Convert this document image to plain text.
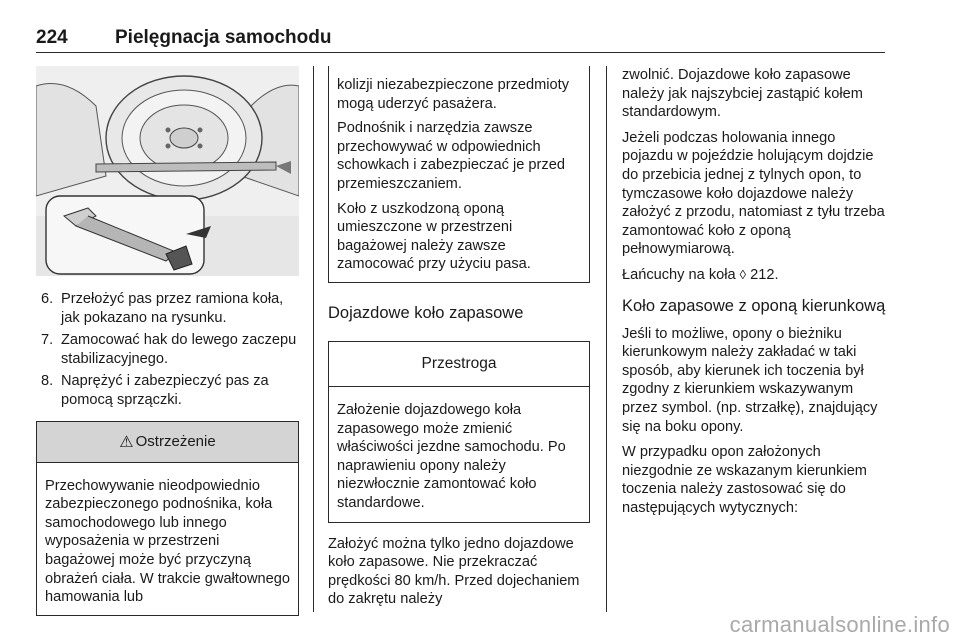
224 Pielęgnacja samochodu
6. Przełożyć pas przez ramiona koła, jak pokazano na rysunku.
7. Zamocować hak do lewego zaczepu stabilizacyjnego.
8. Naprężyć i zabezpieczyć pas za pomocą sprzączki.
⚠ Ostrzeżenie

Przechowywanie nieodpowiednio zabezpieczonego podnośnika, koła samochodowego lub innego wyposażenia w przestrzeni bagażowej może być przyczyną obrażeń ciała. W trakcie gwałtownego hamowania lub

kolizji niezabezpieczone przedmioty mogą uderzyć pasażera.

Podnośnik i narzędzia zawsze przechowywać w odpowiednich schowkach i zabezpieczać je przed przemieszczaniem.

Koło z uszkodzoną oponą umieszczone w przestrzeni bagażowej należy zawsze zamocować przy użyciu pasa.

Dojazdowe koło zapasowe
Przestroga

Założenie dojazdowego koła zapasowego może zmienić właściwości jezdne samochodu. Po naprawieniu opony należy niezwłocznie zamontować koło standardowe.

Założyć można tylko jedno dojazdowe koło zapasowe. Nie przekraczać prędkości 80 km/h. Przed dojechaniem do zakrętu należy

zwolnić. Dojazdowe koło zapasowe należy jak najszybciej zastąpić kołem standardowym.

Jeżeli podczas holowania innego pojazdu w pojeździe holującym dojdzie do przebicia jednej z tylnych opon, to tymczasowe koło dojazdowe należy założyć z przodu, natomiast z tyłu trzeba zamontować koło z oponą pełnowymiarową.

Łańcuchy na koła ◊ 212.

Koło zapasowe z oponą kierunkową

Jeśli to możliwe, opony o bieżniku kierunkowym należy zakładać w taki sposób, aby kierunek ich toczenia był zgodny z kierunkiem wskazywanym przez symbol. (np. strzałkę), znajdujący się na boku opony.

W przypadku opon założonych niezgodnie ze wskazanym kierunkiem toczenia należy zastosować się do następujących wytycznych:

carmanualsonline.info
